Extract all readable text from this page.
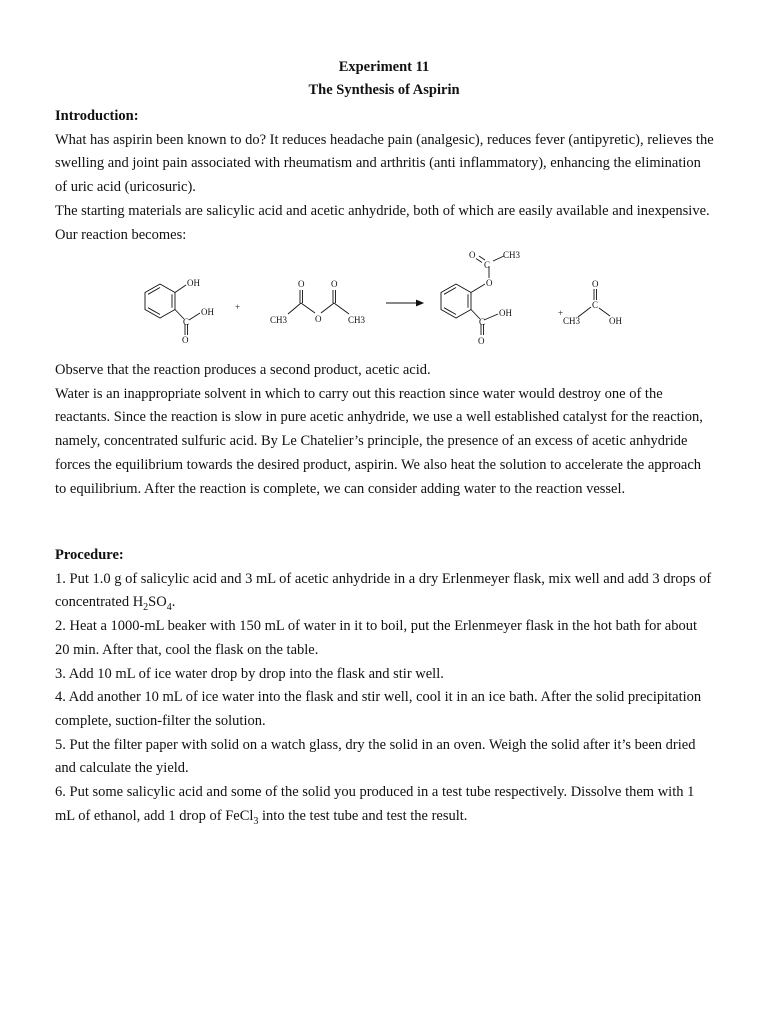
Experiment 11
The Synthesis of Aspirin

Introduction:

What has aspirin been known to do? It reduces headache pain (analgesic), reduces fever (antipyretic), relieves the swelling and joint pain associated with rheumatism and arthritis (anti inflammatory), enhancing the elimination of uric acid (uricosuric).

The starting materials are salicylic acid and acetic anhydride, both of which are easily available and inexpensive. Our reaction becomes:

OH
OH
C
O
+
O	O
CH3	O	CH3
O
C
CH3
O
OH
C
O
+
O
C
CH3	OH

Observe that the reaction produces a second product, acetic acid.

Water is an inappropriate solvent in which to carry out this reaction since water would destroy one of the reactants. Since the reaction is slow in pure acetic anhydride, we use a well established catalyst for the reaction, namely, concentrated sulfuric acid. By Le Chatelier’s principle, the presence of an excess of acetic anhydride forces the equilibrium towards the desired product, aspirin. We also heat the solution to accelerate the approach to equilibrium. After the reaction is complete, we can consider adding water to the reaction vessel.

Procedure:

1. Put 1.0 g of salicylic acid and 3 mL of acetic anhydride in a dry Erlenmeyer flask, mix well and add 3 drops of concentrated $H_2SO_4$.

2. Heat a 1000-mL beaker with 150 mL of water in it to boil, put the Erlenmeyer flask in the hot bath for about 20 min. After that, cool the flask on the table.

3. Add 10 mL of ice water drop by drop into the flask and stir well.

4. Add another 10 mL of ice water into the flask and stir well, cool it in an ice bath. After the solid precipitation complete, suction-filter the solution.

5. Put the filter paper with solid on a watch glass, dry the solid in an oven. Weigh the solid after it’s been dried and calculate the yield.

6. Put some salicylic acid and some of the solid you produced in a test tube respectively. Dissolve them with 1 mL of ethanol, add 1 drop of FeCl$_3$ into the test tube and test the result.
